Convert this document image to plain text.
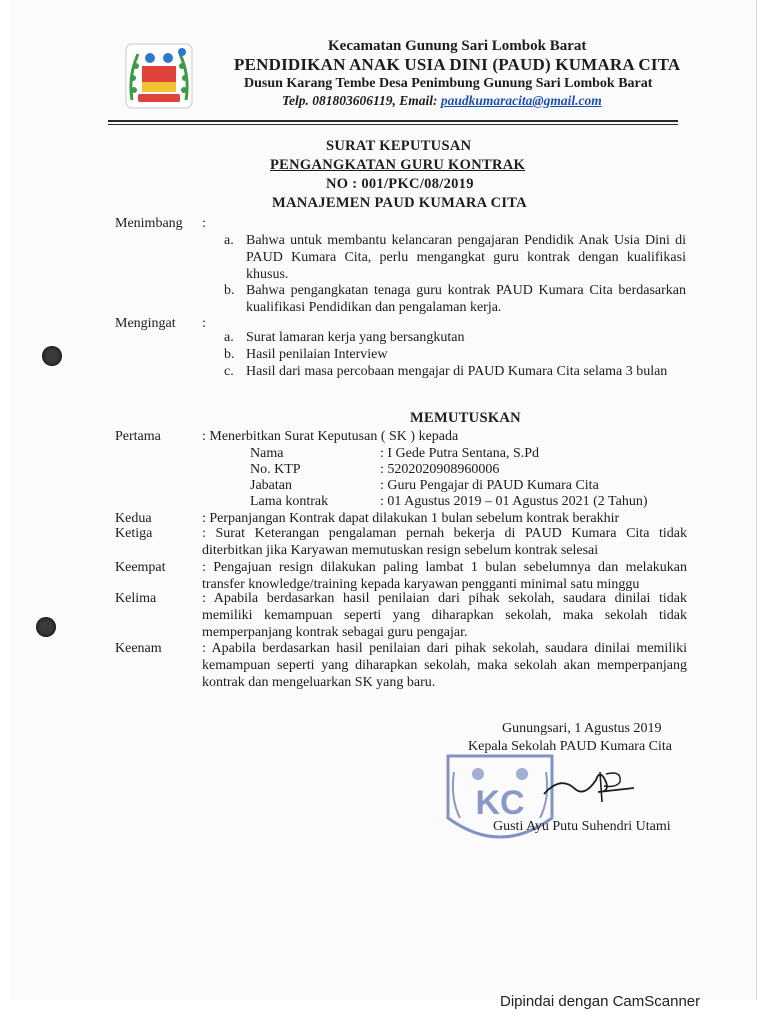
Kecamatan Gunung Sari Lombok Barat
PENDIDIKAN ANAK USIA DINI (PAUD) KUMARA CITA
Dusun Karang Tembe Desa Penimbung Gunung Sari Lombok Barat
Telp. 081803606119, Email: paudkumaracita@gmail.com
SURAT KEPUTUSAN
PENGANGKATAN GURU KONTRAK
NO : 001/PKC/08/2019
MANAJEMEN PAUD KUMARA CITA
Menimbang :
a. Bahwa untuk membantu kelancaran pengajaran Pendidik Anak Usia Dini di PAUD Kumara Cita, perlu mengangkat guru kontrak dengan kualifikasi khusus.
b. Bahwa pengangkatan tenaga guru kontrak PAUD Kumara Cita berdasarkan kualifikasi Pendidikan dan pengalaman kerja.
Mengingat :
a. Surat lamaran kerja yang bersangkutan
b. Hasil penilaian Interview
c. Hasil dari masa percobaan mengajar di PAUD Kumara Cita selama 3 bulan
MEMUTUSKAN
Pertama	: Menerbitkan Surat Keputusan ( SK ) kepada
Nama	: I Gede Putra Sentana, S.Pd
No. KTP	: 5202020908960006
Jabatan	: Guru Pengajar di PAUD Kumara Cita
Lama kontrak	: 01 Agustus 2019 – 01 Agustus 2021 (2 Tahun)
Kedua	: Perpanjangan Kontrak dapat dilakukan 1 bulan sebelum kontrak berakhir
Ketiga	: Surat Keterangan pengalaman pernah bekerja di PAUD Kumara Cita tidak diterbitkan jika Karyawan memutuskan resign sebelum kontrak selesai
Keempat	: Pengajuan resign dilakukan paling lambat 1 bulan sebelumnya dan melakukan transfer knowledge/training kepada karyawan pengganti minimal satu minggu
Kelima	: Apabila berdasarkan hasil penilaian dari pihak sekolah, saudara dinilai tidak memiliki kemampuan seperti yang diharapkan sekolah, maka sekolah tidak memperpanjang kontrak sebagai guru pengajar.
Keenam	: Apabila berdasarkan hasil penilaian dari pihak sekolah, saudara dinilai memiliki kemampuan seperti yang diharapkan sekolah, maka sekolah akan memperpanjang kontrak dan mengeluarkan SK yang baru.
Gunungsari, 1 Agustus 2019
Kepala Sekolah PAUD Kumara Cita
KC
Gusti Ayu Putu Suhendri Utami
Dipindai dengan CamScanner
